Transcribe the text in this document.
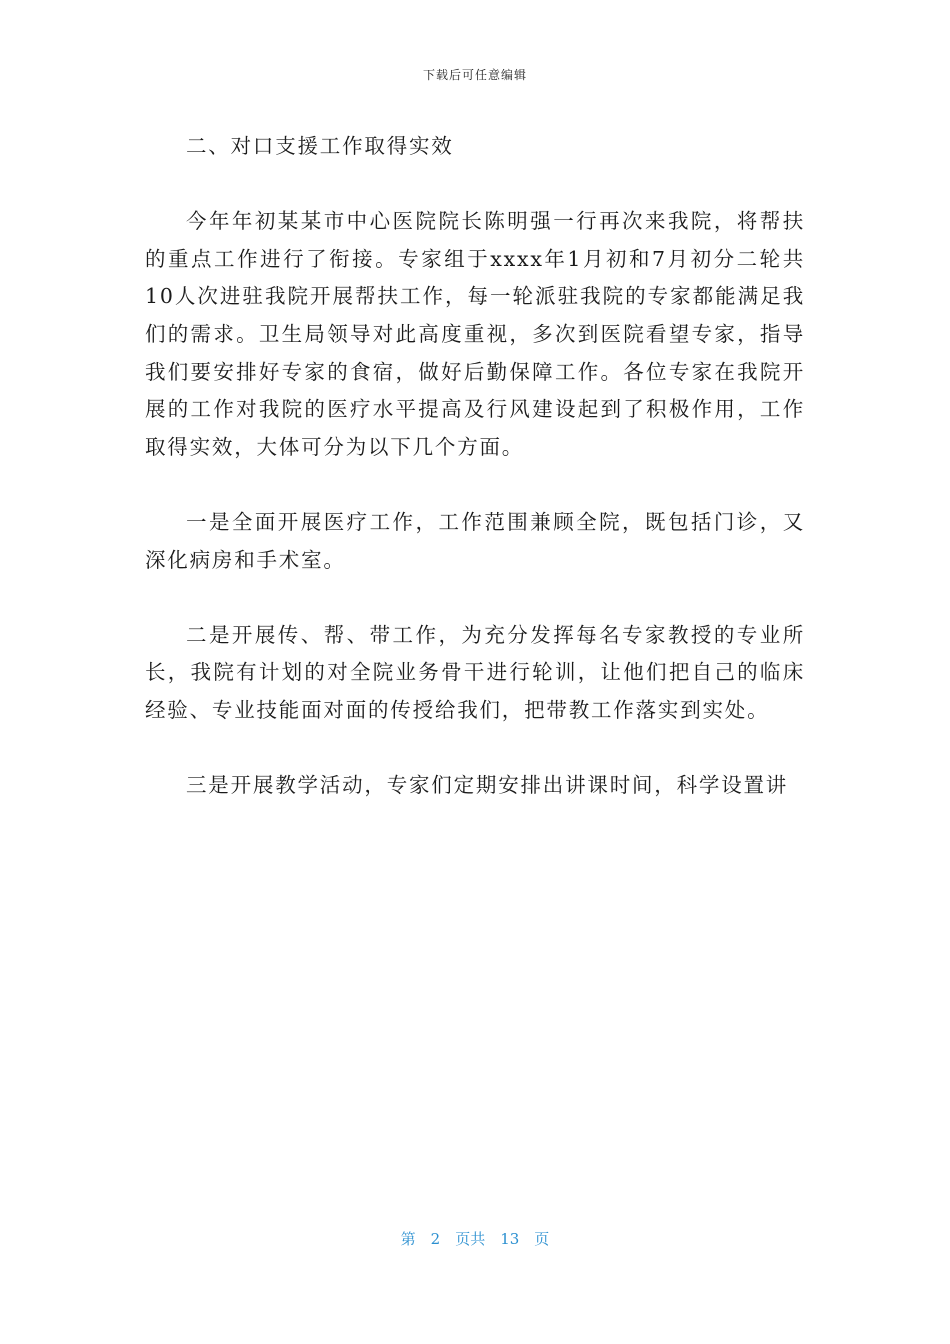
下载后可任意编辑

二、对口支援工作取得实效

今年年初某某市中心医院院长陈明强一行再次来我院，将帮扶的重点工作进行了衔接。专家组于xxxx年1月初和7月初分二轮共10人次进驻我院开展帮扶工作，每一轮派驻我院的专家都能满足我们的需求。卫生局领导对此高度重视，多次到医院看望专家，指导我们要安排好专家的食宿，做好后勤保障工作。各位专家在我院开展的工作对我院的医疗水平提高及行风建设起到了积极作用，工作取得实效，大体可分为以下几个方面。

一是全面开展医疗工作，工作范围兼顾全院，既包括门诊，又深化病房和手术室。

二是开展传、帮、带工作，为充分发挥每名专家教授的专业所长，我院有计划的对全院业务骨干进行轮训，让他们把自己的临床经验、专业技能面对面的传授给我们，把带教工作落实到实处。

三是开展教学活动，专家们定期安排出讲课时间，科学设置讲

第　2　页共　13　页
